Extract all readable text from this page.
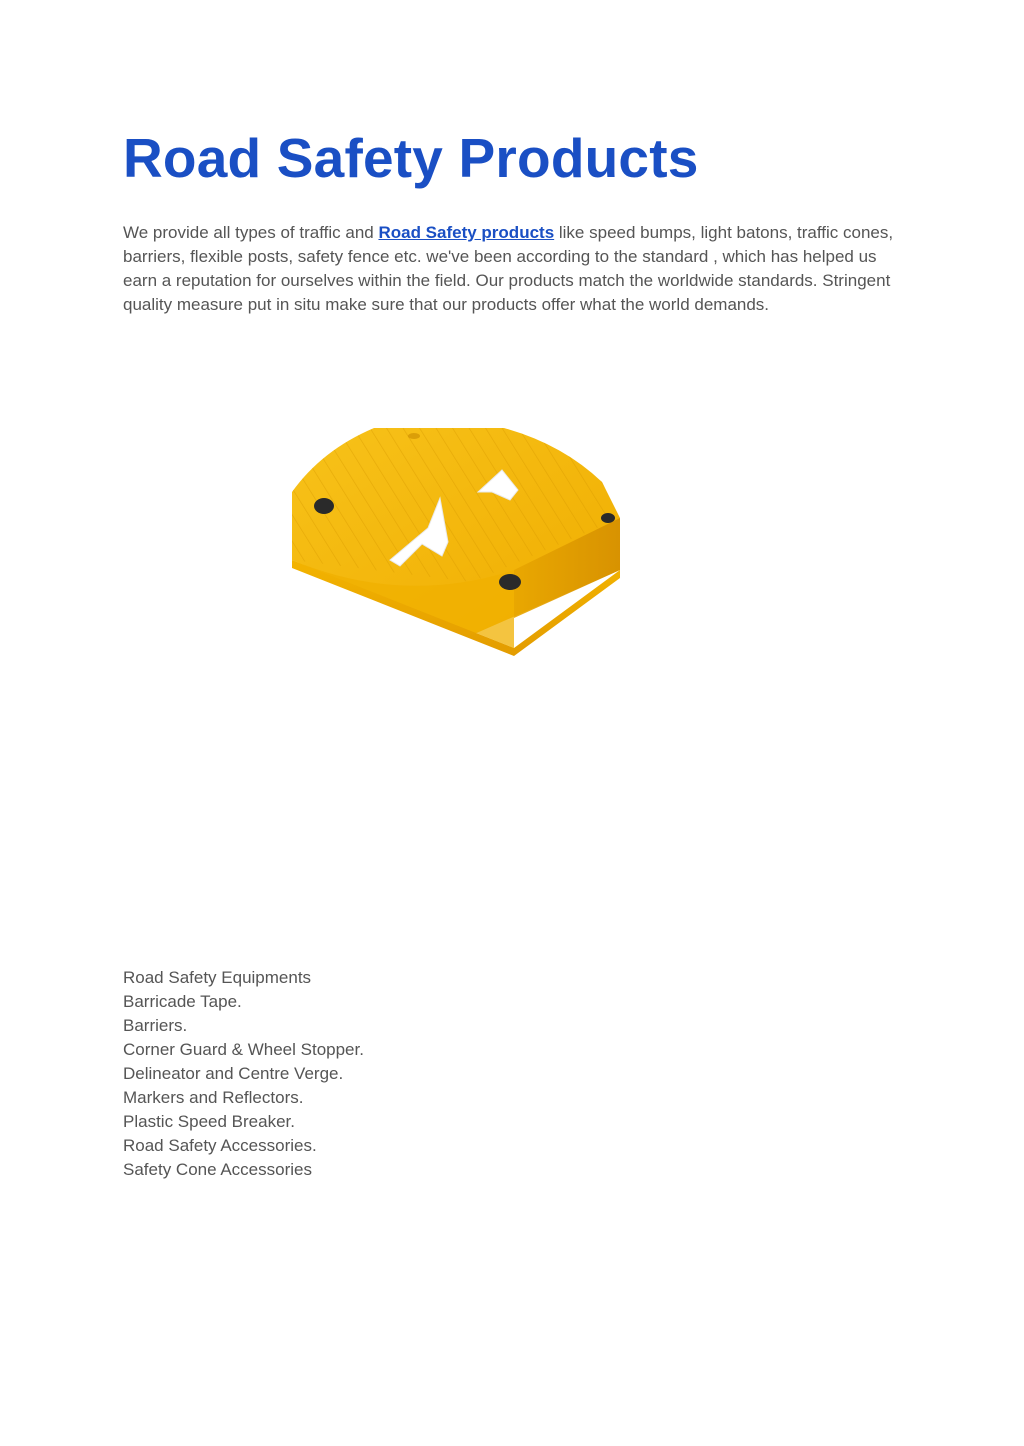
Road Safety Products

We provide all types of traffic and Road Safety products like speed bumps, light batons, traffic cones, barriers, flexible posts, safety fence etc. we've been according to the standard , which has helped us earn a reputation for ourselves within the field. Our products match the worldwide standards. Stringent quality measure put in situ make sure that our products offer what the world demands.

Road Safety Equipments
Barricade Tape.
Barriers.
Corner Guard & Wheel Stopper.
Delineator and Centre Verge.
Markers and Reflectors.
Plastic Speed Breaker.
Road Safety Accessories.
Safety Cone Accessories
